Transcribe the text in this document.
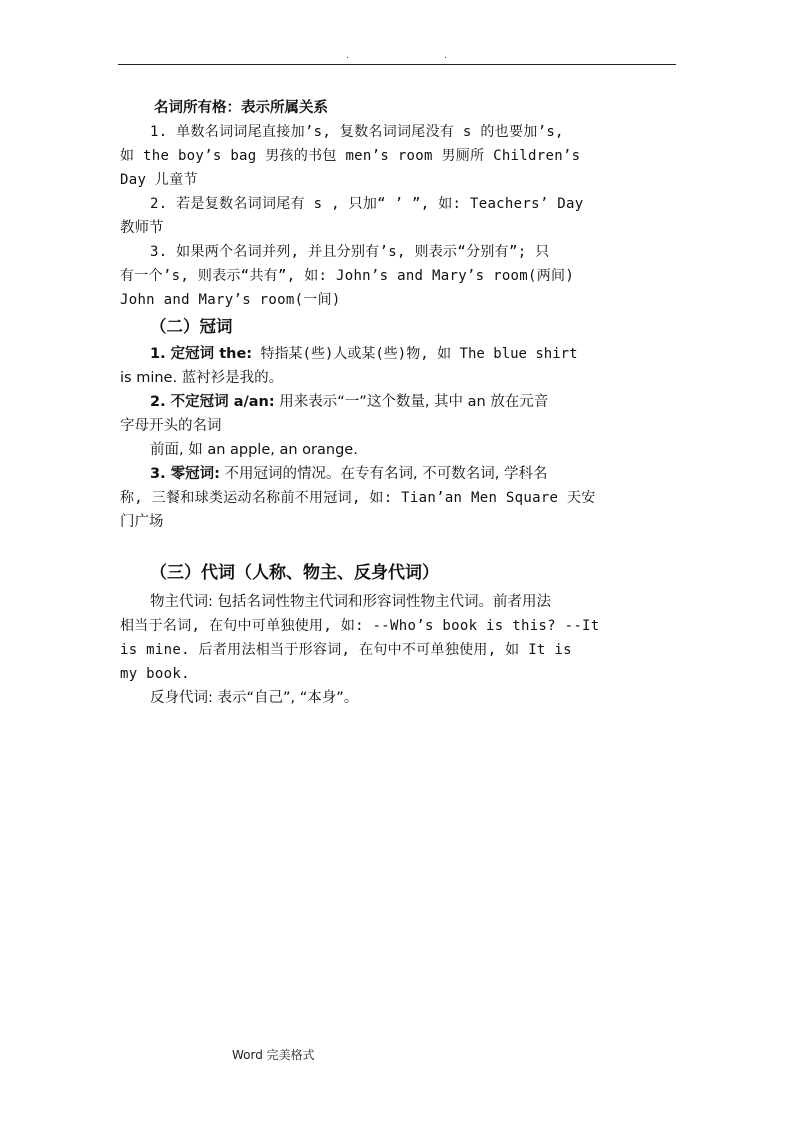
.	.
名词所有格：表示所属关系
1. 单数名词词尾直接加’s, 复数名词词尾没有 s 的也要加’s,
如 the boy’s bag 男孩的书包 men’s room 男厕所 Children’s
Day 儿童节
2. 若是复数名词词尾有 s , 只加“ ’ ”, 如: Teachers’ Day
教师节
3. 如果两个名词并列, 并且分别有’s, 则表示“分别有”; 只
有一个’s, 则表示“共有”, 如: John’s and Mary’s room(两间)
John and Mary’s room(一间)
（二）冠词
1. 定冠词 the: 特指某(些)人或某(些)物, 如 The blue shirt
is mine. 蓝衬衫是我的。
2. 不定冠词 a/an: 用来表示“一”这个数量, 其中 an 放在元音
字母开头的名词
前面, 如 an apple, an orange.
3. 零冠词: 不用冠词的情况。在专有名词, 不可数名词, 学科名
称, 三餐和球类运动名称前不用冠词, 如: Tian’an Men Square 天安
门广场
（三）代词（人称、物主、反身代词）
物主代词: 包括名词性物主代词和形容词性物主代词。前者用法
相当于名词, 在句中可单独使用, 如: --Who’s book is this? --It
is mine. 后者用法相当于形容词, 在句中不可单独使用, 如 It is
my book.
反身代词: 表示“自己”, “本身”。
Word 完美格式
